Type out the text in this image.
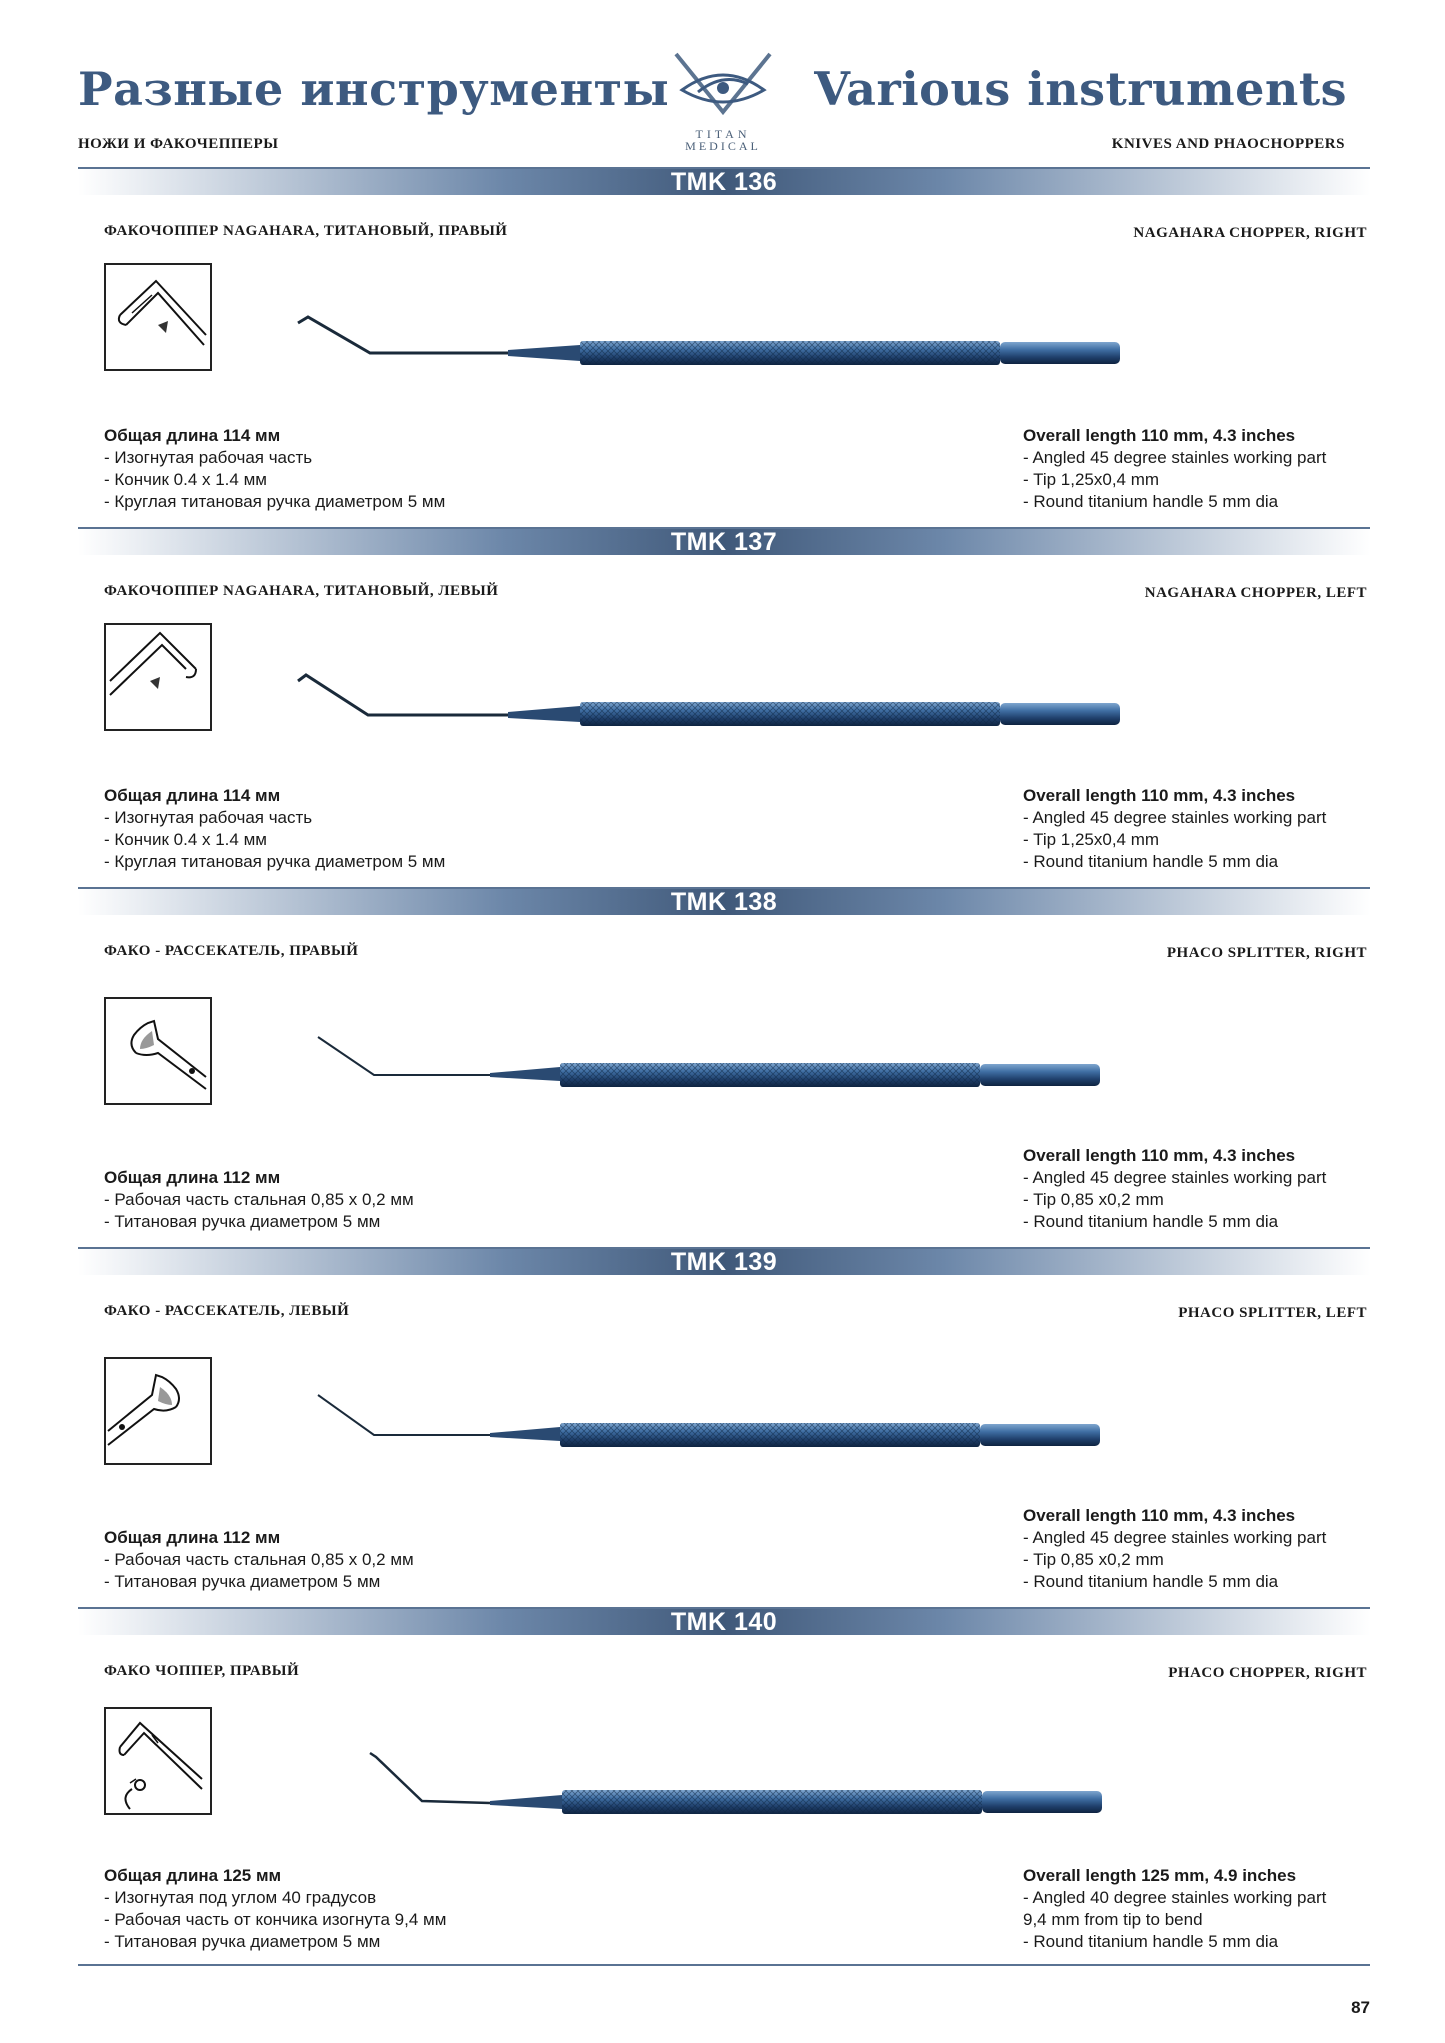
Разные инструменты	Various instruments
НОЖИ И ФАКОЧЕППЕРЫ	KNIVES AND PHAOCHOPPERS
TITAN
MEDICAL
TMK 136
ФАКОЧОППЕР NAGAHARA, ТИТАНОВЫЙ, ПРАВЫЙ	NAGAHARA CHOPPER, RIGHT
Общая длина 114 мм
- Изогнутая рабочая часть
- Кончик 0.4 х 1.4 мм
- Круглая титановая ручка диаметром 5 мм
Overall length 110 mm, 4.3 inches
- Angled 45 degree stainles working part
- Tip 1,25x0,4 mm
- Round titanium handle 5 mm dia
TMK 137
ФАКОЧОППЕР NAGAHARA, ТИТАНОВЫЙ, ЛЕВЫЙ	NAGAHARA CHOPPER, LEFT
Общая длина 114 мм
- Изогнутая рабочая часть
- Кончик 0.4 х 1.4 мм
- Круглая титановая ручка диаметром 5 мм
Overall length 110 mm, 4.3 inches
- Angled 45 degree stainles working part
- Tip 1,25x0,4 mm
- Round titanium handle 5 mm dia
TMK 138
ФАКО - РАССЕКАТЕЛЬ, ПРАВЫЙ	PHACO SPLITTER, RIGHT
Общая длина 112 мм
- Рабочая часть стальная 0,85 х 0,2 мм
- Титановая ручка диаметром 5 мм
Overall length 110 mm, 4.3 inches
- Angled 45 degree stainles working part
- Tip 0,85 x0,2 mm
- Round titanium handle 5 mm dia
TMK 139
ФАКО - РАССЕКАТЕЛЬ, ЛЕВЫЙ	PHACO SPLITTER, LEFT
Общая длина 112 мм
- Рабочая часть стальная 0,85 х 0,2 мм
- Титановая ручка диаметром 5 мм
Overall length 110 mm, 4.3 inches
- Angled 45 degree stainles working part
- Tip 0,85 x0,2 mm
- Round titanium handle 5 mm dia
TMK 140
ФАКО ЧОППЕР, ПРАВЫЙ	PHACO CHOPPER, RIGHT
Общая длина 125 мм
- Изогнутая под углом 40 градусов
- Рабочая часть от кончика изогнута 9,4 мм
- Титановая ручка диаметром 5 мм
Overall length 125 mm, 4.9 inches
- Angled 40 degree stainles working part
9,4 mm from tip to bend
- Round titanium handle 5 mm dia
87
